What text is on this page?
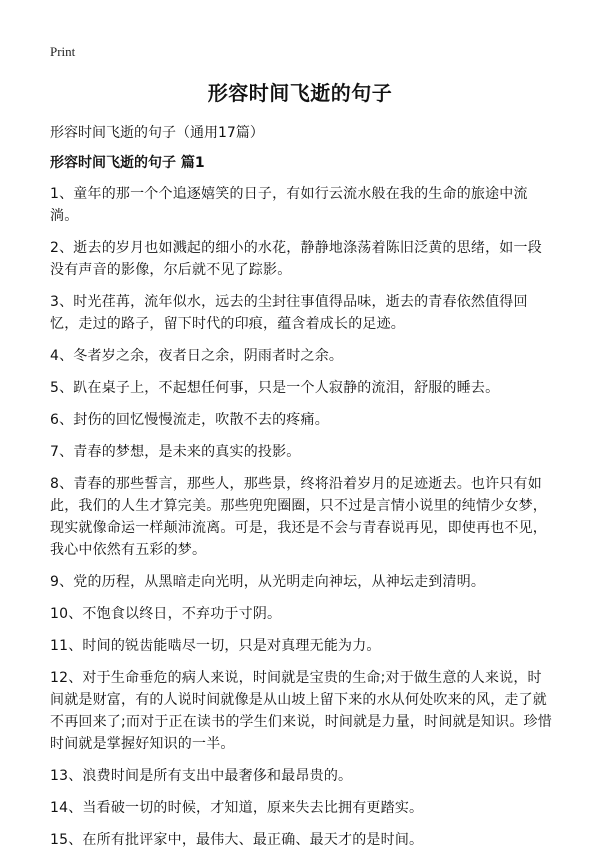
Print
形容时间飞逝的句子
形容时间飞逝的句子（通用17篇）
形容时间飞逝的句子 篇1
1、童年的那一个个追逐嬉笑的日子，有如行云流水般在我的生命的旅途中流淌。
2、逝去的岁月也如溅起的细小的水花，静静地涤荡着陈旧泛黄的思绪，如一段没有声音的影像，尔后就不见了踪影。
3、时光荏苒，流年似水，远去的尘封往事值得品味，逝去的青春依然值得回忆，走过的路子，留下时代的印痕，蕴含着成长的足迹。
4、冬者岁之余，夜者日之余，阴雨者时之余。
5、趴在桌子上，不起想任何事，只是一个人寂静的流泪，舒服的睡去。
6、封伤的回忆慢慢流走，吹散不去的疼痛。
7、青春的梦想，是未来的真实的投影。
8、青春的那些誓言，那些人，那些景，终将沿着岁月的足迹逝去。也许只有如此，我们的人生才算完美。那些兜兜圈圈，只不过是言情小说里的纯情少女梦，现实就像命运一样颠沛流离。可是，我还是不会与青春说再见，即使再也不见，我心中依然有五彩的梦。
9、党的历程，从黑暗走向光明，从光明走向神坛，从神坛走到清明。
10、不饱食以终日，不弃功于寸阴。
11、时间的锐齿能啮尽一切，只是对真理无能为力。
12、对于生命垂危的病人来说，时间就是宝贵的生命;对于做生意的人来说，时间就是财富，有的人说时间就像是从山坡上留下来的水从何处吹来的风，走了就不再回来了;而对于正在读书的学生们来说，时间就是力量，时间就是知识。珍惜时间就是掌握好知识的一半。
13、浪费时间是所有支出中最奢侈和最昂贵的。
14、当看破一切的时候，才知道，原来失去比拥有更踏实。
15、在所有批评家中，最伟大、最正确、最天才的是时间。
